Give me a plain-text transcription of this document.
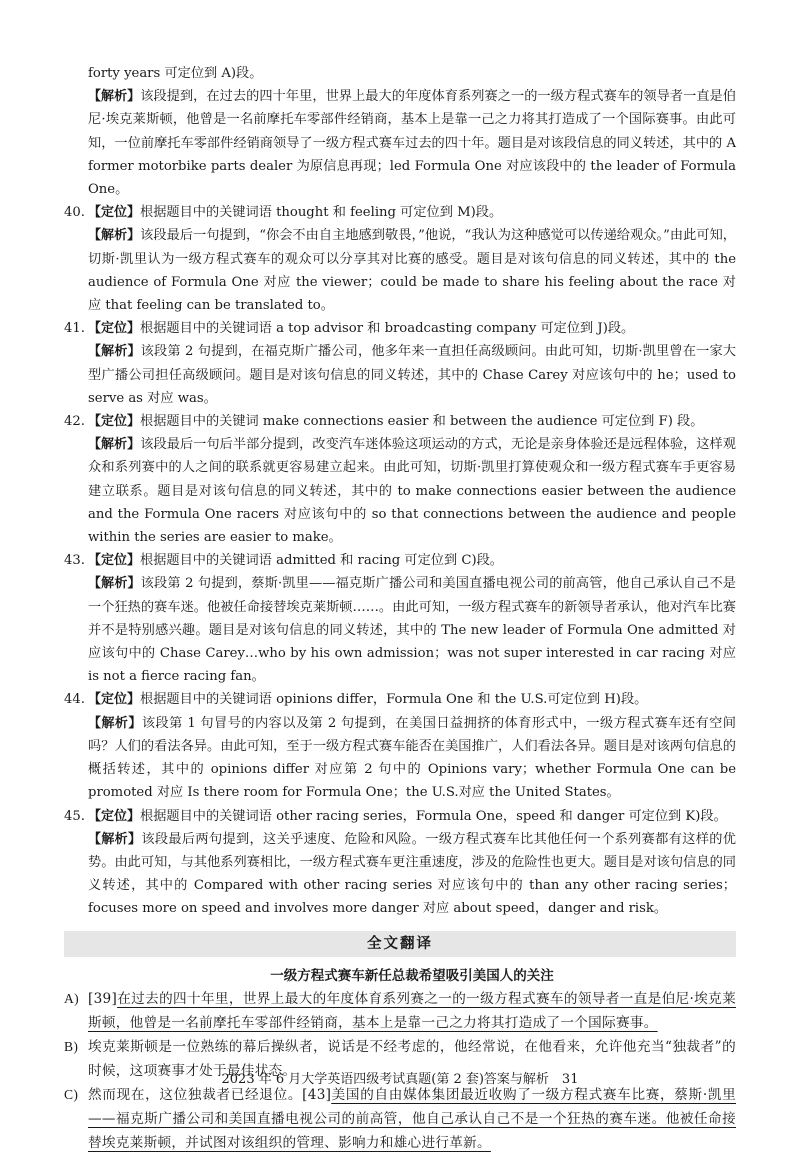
forty years 可定位到 A)段。

【解析】该段提到，在过去的四十年里，世界上最大的年度体育系列赛之一的一级方程式赛车的领导者一直是伯尼·埃克莱斯顿，他曾是一名前摩托车零部件经销商，基本上是靠一己之力将其打造成了一个国际赛事。由此可知，一位前摩托车零部件经销商领导了一级方程式赛车过去的四十年。题目是对该段信息的同义转述，其中的 A former motorbike parts dealer 为原信息再现；led Formula One 对应该段中的 the leader of Formula One。

40. 【定位】根据题目中的关键词语 thought 和 feeling 可定位到 M)段。

【解析】该段最后一句提到，“你会不由自主地感到敬畏，”他说，“我认为这种感觉可以传递给观众。”由此可知，切斯·凯里认为一级方程式赛车的观众可以分享其对比赛的感受。题目是对该句信息的同义转述，其中的 the audience of Formula One 对应 the viewer；could be made to share his feeling about the race 对应 that feeling can be translated to。

41. 【定位】根据题目中的关键词语 a top advisor 和 broadcasting company 可定位到 J)段。

【解析】该段第 2 句提到，在福克斯广播公司，他多年来一直担任高级顾问。由此可知，切斯·凯里曾在一家大型广播公司担任高级顾问。题目是对该句信息的同义转述，其中的 Chase Carey 对应该句中的 he；used to serve as 对应 was。

42. 【定位】根据题目中的关键词 make connections easier 和 between the audience 可定位到 F) 段。

【解析】该段最后一句后半部分提到，改变汽车迷体验这项运动的方式，无论是亲身体验还是远程体验，这样观众和系列赛中的人之间的联系就更容易建立起来。由此可知，切斯·凯里打算使观众和一级方程式赛车手更容易建立联系。题目是对该句信息的同义转述，其中的 to make connections easier between the audience and the Formula One racers 对应该句中的 so that connections between the audience and people within the series are easier to make。

43. 【定位】根据题目中的关键词语 admitted 和 racing 可定位到 C)段。

【解析】该段第 2 句提到，蔡斯·凯里——福克斯广播公司和美国直播电视公司的前高管，他自己承认自己不是一个狂热的赛车迷。他被任命接替埃克莱斯顿……。由此可知，一级方程式赛车的新领导者承认，他对汽车比赛并不是特别感兴趣。题目是对该句信息的同义转述，其中的 The new leader of Formula One admitted 对应该句中的 Chase Carey…who by his own admission；was not super interested in car racing 对应 is not a fierce racing fan。

44. 【定位】根据题目中的关键词语 opinions differ，Formula One 和 the U.S.可定位到 H)段。

【解析】该段第 1 句冒号的内容以及第 2 句提到，在美国日益拥挤的体育形式中，一级方程式赛车还有空间吗？人们的看法各异。由此可知，至于一级方程式赛车能否在美国推广，人们看法各异。题目是对该两句信息的概括转述，其中的 opinions differ 对应第 2 句中的 Opinions vary；whether Formula One can be promoted 对应 Is there room for Formula One；the U.S.对应 the United States。

45. 【定位】根据题目中的关键词语 other racing series，Formula One，speed 和 danger 可定位到 K)段。

【解析】该段最后两句提到，这关乎速度、危险和风险。一级方程式赛车比其他任何一个系列赛都有这样的优势。由此可知，与其他系列赛相比，一级方程式赛车更注重速度，涉及的危险性也更大。题目是对该句信息的同义转述，其中的 Compared with other racing series 对应该句中的 than any other racing series；focuses more on speed and involves more danger 对应 about speed，danger and risk。

全文翻译
一级方程式赛车新任总裁希望吸引美国人的关注
A) [39]在过去的四十年里，世界上最大的年度体育系列赛之一的一级方程式赛车的领导者一直是伯尼·埃克莱斯顿，他曾是一名前摩托车零部件经销商，基本上是靠一己之力将其打造成了一个国际赛事。
B) 埃克莱斯顿是一位熟练的幕后操纵者，说话是不经考虑的，他经常说，在他看来，允许他充当“独裁者”的时候，这项赛事才处于最佳状态。
C) 然而现在，这位独裁者已经退位。[43]美国的自由媒体集团最近收购了一级方程式赛车比赛，蔡斯·凯里——福克斯广播公司和美国直播电视公司的前高管，他自己承认自己不是一个狂热的赛车迷。他被任命接替埃克莱斯顿，并试图对该组织的管理、影响力和雄心进行革新。
2023 年 6 月大学英语四级考试真题(第 2 套)答案与解析　31
